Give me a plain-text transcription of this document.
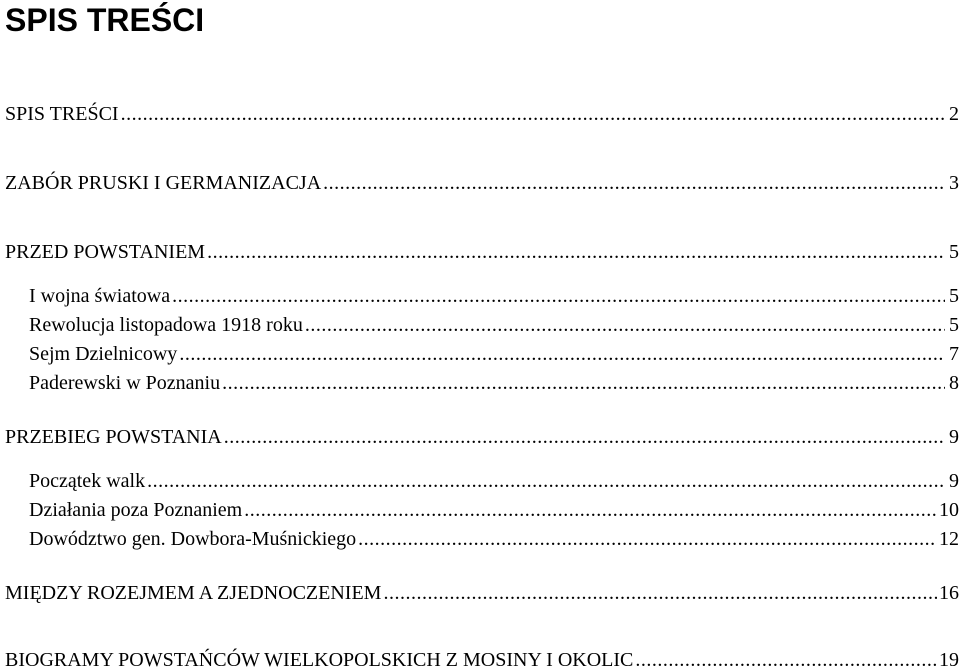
SPIS TREŚCI
SPIS TREŚCI .....	2
ZABÓR PRUSKI I GERMANIZACJA .....	3
PRZED POWSTANIEM .....	5
I wojna światowa .....	5
Rewolucja listopadowa 1918 roku .....	5
Sejm Dzielnicowy .....	7
Paderewski w Poznaniu .....	8
PRZEBIEG POWSTANIA .....	9
Początek walk .....	9
Działania poza Poznaniem .....	10
Dowództwo gen. Dowbora-Muśnickiego .....	12
MIĘDZY ROZEJMEM A ZJEDNOCZENIEM .....	16
BIOGRAMY POWSTAŃCÓW WIELKOPOLSKICH Z MOSINY I OKOLIC .....	19
